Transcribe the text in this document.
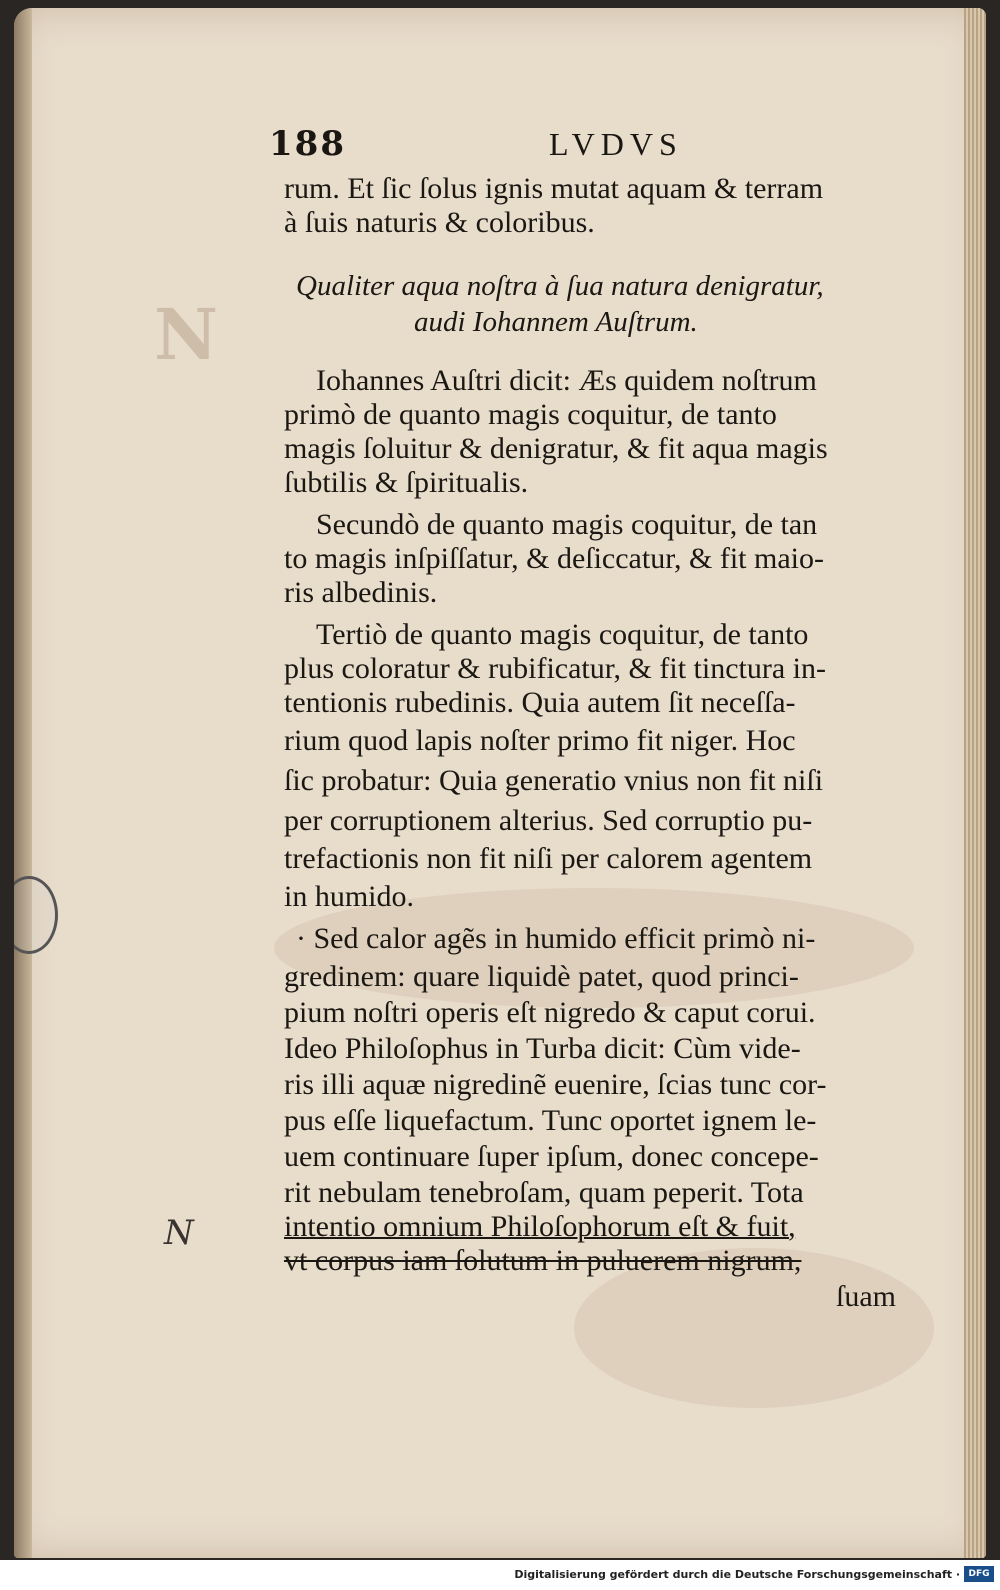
N
188	LVDVS
rum. Et ſic ſolus ignis mutat aquam & terram
à ſuis naturis & coloribus.
Qualiter aqua noſtra à ſua natura denigratur,
audi Iohannem Auſtrum.
Iohannes Auſtri dicit: Æs quidem noſtrum
primò de quanto magis coquitur, de tanto
magis ſoluitur & denigratur, & fit aqua magis
ſubtilis & ſpiritualis.
Secundò de quanto magis coquitur, de tan
to magis inſpiſſatur, & deſiccatur, & fit maio-
ris albedinis.
Tertiò de quanto magis coquitur, de tanto
plus coloratur & rubificatur, & fit tinctura in-
tentionis rubedinis. Quia autem ſit neceſſa-
rium quod lapis noſter primo fit niger. Hoc
ſic probatur: Quia generatio vnius non fit niſi
per corruptionem alterius. Sed corruptio pu-
trefactionis non fit niſi per calorem agentem
in humido.
· Sed calor agẽs in humido efficit primò ni-
gredinem: quare liquidè patet, quod princi-
pium noſtri operis eſt nigredo & caput corui.
Ideo Philoſophus in Turba dicit: Cùm vide-
ris illi aquæ nigredinẽ euenire, ſcias tunc cor-
pus eſſe liquefactum. Tunc oportet ignem le-
uem continuare ſuper ipſum, donec concepe-
rit nebulam tenebroſam, quam peperit. Tota
intentio omnium Philoſophorum eſt & fuit,
vt corpus iam ſolutum in puluerem nigrum,
ſuam
N
Digitalisierung gefördert durch die Deutsche Forschungsgemeinschaft · DFG
